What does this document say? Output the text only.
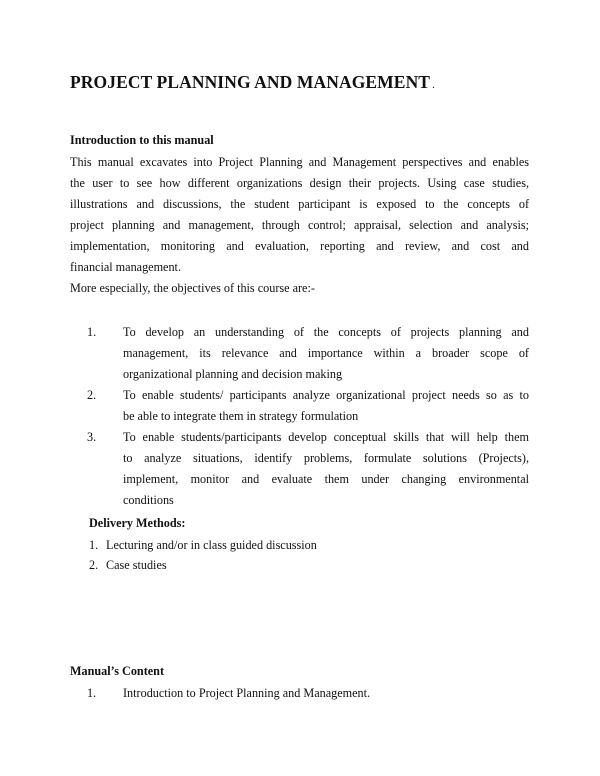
PROJECT PLANNING AND MANAGEMENT .
Introduction to this manual
This manual excavates into Project Planning and Management perspectives and enables
the user to see how different organizations design their projects. Using case studies,
illustrations and discussions, the student participant is exposed to the concepts of
project planning and management, through control; appraisal, selection and analysis;
implementation, monitoring and evaluation, reporting and review, and cost and
financial management.
More especially, the objectives of this course are:-
1. To develop an understanding of the concepts of projects planning and
management, its relevance and importance within a broader scope of
organizational planning and decision making
2. To enable students/ participants analyze organizational project needs so as to
be able to integrate them in strategy formulation
3. To enable students/participants develop conceptual skills that will help them
to analyze situations, identify problems, formulate solutions (Projects),
implement, monitor and evaluate them under changing environmental
conditions
Delivery Methods:
1. Lecturing and/or in class guided discussion
2. Case studies
Manual’s Content
1. Introduction to Project Planning and Management.
